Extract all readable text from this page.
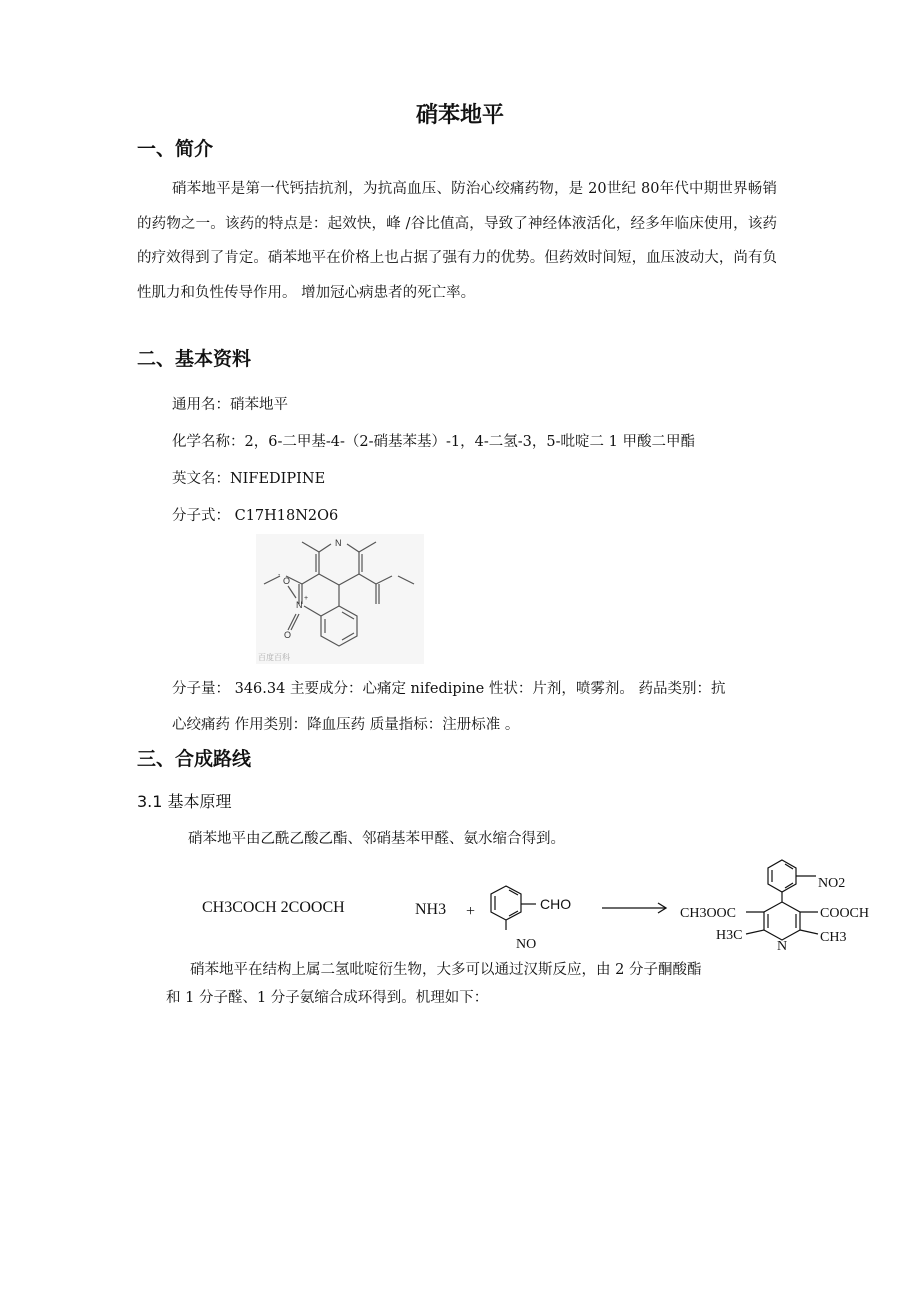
硝苯地平
一、简介

硝苯地平是第一代钙拮抗剂，为抗高血压、防治心绞痛药物，是 20世纪 80年代中期世界畅销的药物之一。该药的特点是：起效快，峰 /谷比值高，导致了神经体液活化，经多年临床使用，该药的疗效得到了肯定。硝苯地平在价格上也占据了强有力的优势。但药效时间短，血压波动大，尚有负性肌力和负性传导作用。 增加冠心病患者的死亡率。

二、基本资料
通用名：硝苯地平
化学名称：2，6-二甲基-4-（2-硝基苯基）-1，4-二氢-3，5-吡啶二 1 甲酸二甲酯
英文名：NIFEDIPINE
分子式： C17H18N2O6
N
N
+
O
-
O
百度百科
分子量： 346.34 主要成分：心痛定 nifedipine 性状：片剂，喷雾剂。 药品类别：抗
心绞痛药 作用类别：降血压药 质量指标：注册标准 。
三、合成路线
3.1 基本原理
硝苯地平由乙酰乙酸乙酯、邻硝基苯甲醛、氨水缩合得到。
CH3COCH 2COOCH	NH3 +	CHO
NO
NO2
CH3OOC	COOCH
H3C	CH3
N
硝苯地平在结构上属二氢吡啶衍生物，大多可以通过汉斯反应，由 2 分子酮酸酯
和 1 分子醛、1 分子氨缩合成环得到。机理如下：
